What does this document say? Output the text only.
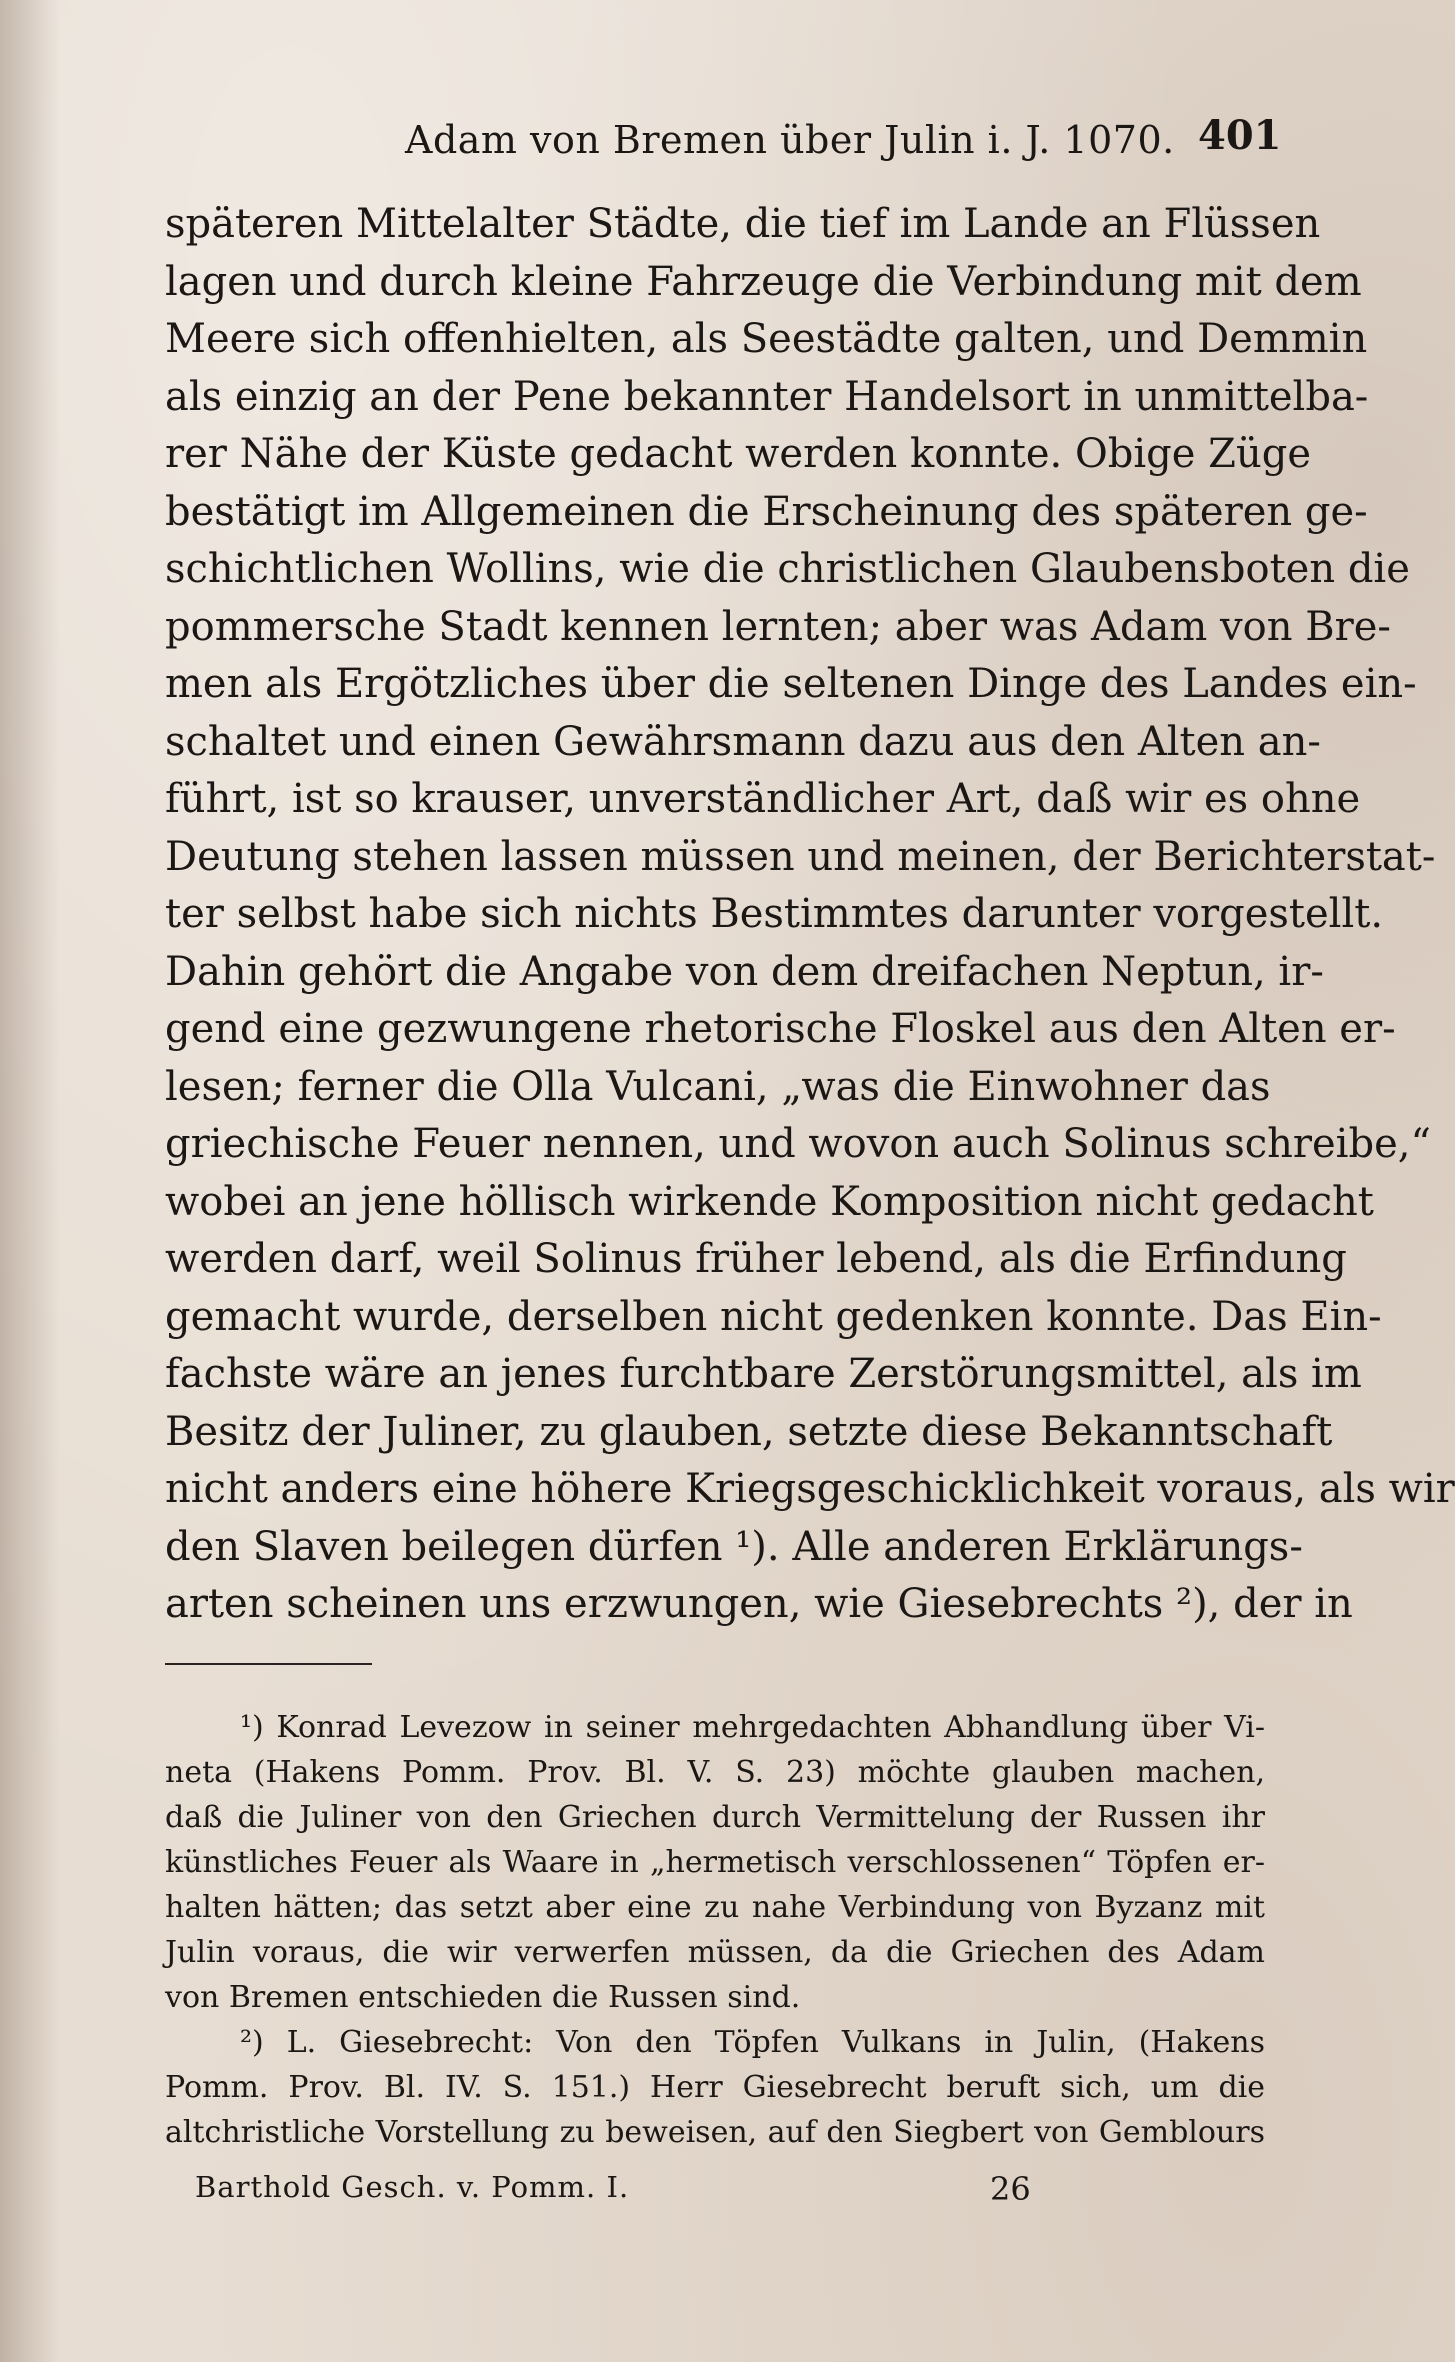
Adam von Bremen über Julin i. J. 1070. 401
späteren Mittelalter Städte, die tief im Lande an Flüssen
lagen und durch kleine Fahrzeuge die Verbindung mit dem
Meere sich offenhielten, als Seestädte galten, und Demmin
als einzig an der Pene bekannter Handelsort in unmittelba-
rer Nähe der Küste gedacht werden konnte. Obige Züge
bestätigt im Allgemeinen die Erscheinung des späteren ge-
schichtlichen Wollins, wie die christlichen Glaubensboten die
pommersche Stadt kennen lernten; aber was Adam von Bre-
men als Ergötzliches über die seltenen Dinge des Landes ein-
schaltet und einen Gewährsmann dazu aus den Alten an-
führt, ist so krauser, unverständlicher Art, daß wir es ohne
Deutung stehen lassen müssen und meinen, der Berichterstat-
ter selbst habe sich nichts Bestimmtes darunter vorgestellt.
Dahin gehört die Angabe von dem dreifachen Neptun, ir-
gend eine gezwungene rhetorische Floskel aus den Alten er-
lesen; ferner die Olla Vulcani, „was die Einwohner das
griechische Feuer nennen, und wovon auch Solinus schreibe,“
wobei an jene höllisch wirkende Komposition nicht gedacht
werden darf, weil Solinus früher lebend, als die Erfindung
gemacht wurde, derselben nicht gedenken konnte. Das Ein-
fachste wäre an jenes furchtbare Zerstörungsmittel, als im
Besitz der Juliner, zu glauben, setzte diese Bekanntschaft
nicht anders eine höhere Kriegsgeschicklichkeit voraus, als wir
den Slaven beilegen dürfen ¹). Alle anderen Erklärungs-
arten scheinen uns erzwungen, wie Giesebrechts ²), der in
¹) Konrad Levezow in seiner mehrgedachten Abhandlung über Vi-
neta (Hakens Pomm. Prov. Bl. V. S. 23) möchte glauben machen,
daß die Juliner von den Griechen durch Vermittelung der Russen ihr
künstliches Feuer als Waare in „hermetisch verschlossenen“ Töpfen er-
halten hätten; das setzt aber eine zu nahe Verbindung von Byzanz mit
Julin voraus, die wir verwerfen müssen, da die Griechen des Adam
von Bremen entschieden die Russen sind.
²) L. Giesebrecht: Von den Töpfen Vulkans in Julin, (Hakens
Pomm. Prov. Bl. IV. S. 151.) Herr Giesebrecht beruft sich, um die
altchristliche Vorstellung zu beweisen, auf den Siegbert von Gemblours
Barthold Gesch. v. Pomm. I.	26
